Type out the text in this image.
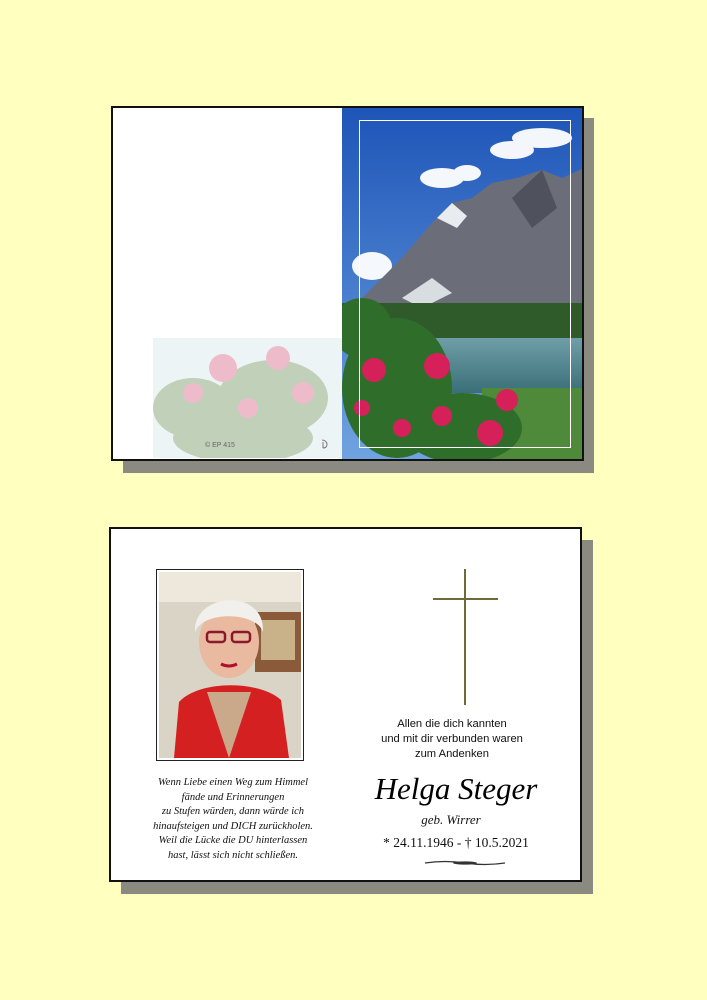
© EP 415
Wenn Liebe einen Weg zum Himmel
fände und Erinnerungen
zu Stufen würden, dann würde ich
hinaufsteigen und DICH zurückholen.
Weil die Lücke die DU hinterlassen
hast, lässt sich nicht schließen.
Allen die dich kannten
und mit dir verbunden waren
zum Andenken
Helga Steger
geb. Wirrer
* 24.11.1946 - † 10.5.2021
